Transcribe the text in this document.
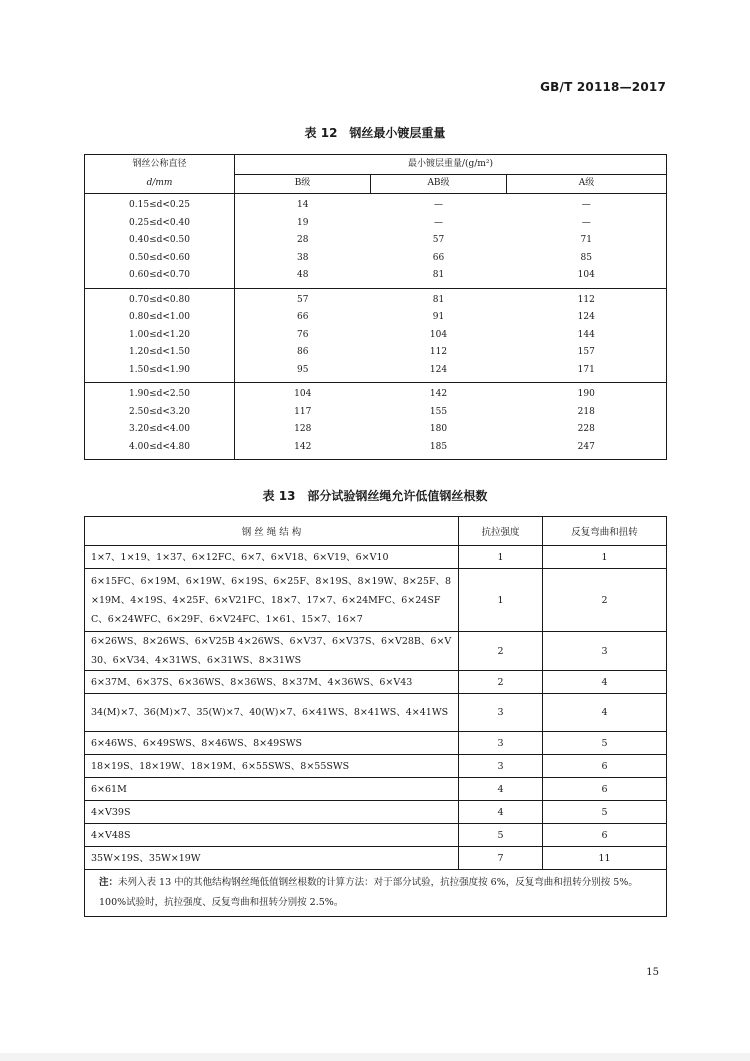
GB/T 20118—2017
表 12　钢丝最小镀层重量
钢丝公称直径
d/mm	最小镀层重量/(g/m²)		
	B级	AB级	A级
0.15≤d<0.25	14	—	—
0.25≤d<0.40	19	—	—
0.40≤d<0.50	28	57	71
0.50≤d<0.60	38	66	85
0.60≤d<0.70	48	81	104
0.70≤d<0.80	57	81	112
0.80≤d<1.00	66	91	124
1.00≤d<1.20	76	104	144
1.20≤d<1.50	86	112	157
1.50≤d<1.90	95	124	171
1.90≤d<2.50	104	142	190
2.50≤d<3.20	117	155	218
3.20≤d<4.00	128	180	228
4.00≤d<4.80	142	185	247
表 13　部分试验钢丝绳允许低值钢丝根数
钢 丝 绳 结 构	抗拉强度	反复弯曲和扭转
1×7、1×19、1×37、6×12FC、6×7、6×V18、6×V19、6×V10	1	1
6×15FC、6×19M、6×19W、6×19S、6×25F、8×19S、8×19W、8×25F、8×19M、4×19S、4×25F、6×V21FC、18×7、17×7、6×24MFC、6×24SFC、6×24WFC、6×29F、6×V24FC、1×61、15×7、16×7	1	2
6×26WS、8×26WS、6×V25B 4×26WS、6×V37、6×V37S、6×V28B、6×V30、6×V34、4×31WS、6×31WS、8×31WS	2	3
6×37M、6×37S、6×36WS、8×36WS、8×37M、4×36WS、6×V43	2	4
34(M)×7、36(M)×7、35(W)×7、40(W)×7、6×41WS、8×41WS、4×41WS	3	4
6×46WS、6×49SWS、8×46WS、8×49SWS	3	5
18×19S、18×19W、18×19M、6×55SWS、8×55SWS	3	6
6×61M	4	6
4×V39S	4	5
4×V48S	5	6
35W×19S、35W×19W	7	11
注：未列入表 13 中的其他结构钢丝绳低值钢丝根数的计算方法：对于部分试验，抗拉强度按 6%，反复弯曲和扭转分别按 5%。100%试验时，抗拉强度、反复弯曲和扭转分别按 2.5%。		
15
